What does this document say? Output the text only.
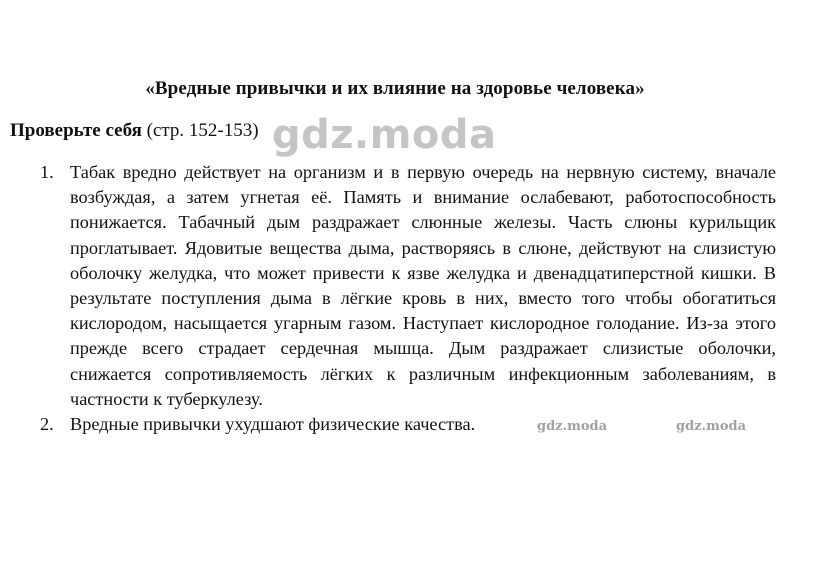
«Вредные привычки и их влияние на здоровье человека»
Проверьте себя (стр. 152-153) gdz.moda
1. Табак вредно действует на организм и в первую очередь на нервную систему, вначале возбуждая, а затем угнетая её. Память и внимание ослабевают, работоспособность понижается. Табачный дым раздражает слюнные железы. Часть слюны курильщик проглатывает. Ядовитые вещества дыма, растворяясь в слюне, действуют на слизистую оболочку желудка, что может привести к язве желудка и двенадцатиперстной кишки. В результате поступления дыма в лёгкие кровь в них, вместо того чтобы обогатиться кислородом, насыщается угарным газом. Наступает кислородное голодание. Из-за этого прежде всего страдает сердечная мышца. Дым раздражает слизистые оболочки, снижается сопротивляемость лёгких к различным инфекционным заболеваниям, в частности к туберкулезу.
2. Вредные привычки ухудшают физические качества.	gdz.moda	gdz.moda
